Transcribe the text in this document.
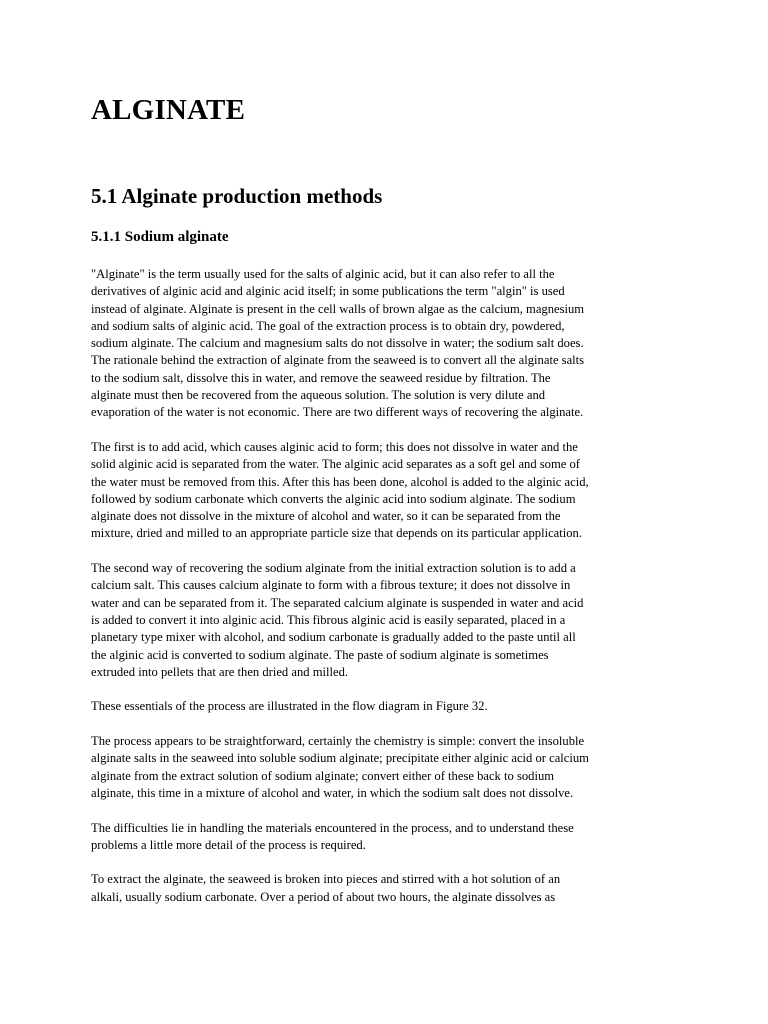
ALGINATE
5.1 Alginate production methods
5.1.1 Sodium alginate

"Alginate" is the term usually used for the salts of alginic acid, but it can also refer to all the
derivatives of alginic acid and alginic acid itself; in some publications the term "algin" is used
instead of alginate. Alginate is present in the cell walls of brown algae as the calcium, magnesium
and sodium salts of alginic acid. The goal of the extraction process is to obtain dry, powdered,
sodium alginate. The calcium and magnesium salts do not dissolve in water; the sodium salt does.
The rationale behind the extraction of alginate from the seaweed is to convert all the alginate salts
to the sodium salt, dissolve this in water, and remove the seaweed residue by filtration. The
alginate must then be recovered from the aqueous solution. The solution is very dilute and
evaporation of the water is not economic. There are two different ways of recovering the alginate.

The first is to add acid, which causes alginic acid to form; this does not dissolve in water and the
solid alginic acid is separated from the water. The alginic acid separates as a soft gel and some of
the water must be removed from this. After this has been done, alcohol is added to the alginic acid,
followed by sodium carbonate which converts the alginic acid into sodium alginate. The sodium
alginate does not dissolve in the mixture of alcohol and water, so it can be separated from the
mixture, dried and milled to an appropriate particle size that depends on its particular application.

The second way of recovering the sodium alginate from the initial extraction solution is to add a
calcium salt. This causes calcium alginate to form with a fibrous texture; it does not dissolve in
water and can be separated from it. The separated calcium alginate is suspended in water and acid
is added to convert it into alginic acid. This fibrous alginic acid is easily separated, placed in a
planetary type mixer with alcohol, and sodium carbonate is gradually added to the paste until all
the alginic acid is converted to sodium alginate. The paste of sodium alginate is sometimes
extruded into pellets that are then dried and milled.

These essentials of the process are illustrated in the flow diagram in Figure 32.

The process appears to be straightforward, certainly the chemistry is simple: convert the insoluble
alginate salts in the seaweed into soluble sodium alginate; precipitate either alginic acid or calcium
alginate from the extract solution of sodium alginate; convert either of these back to sodium
alginate, this time in a mixture of alcohol and water, in which the sodium salt does not dissolve.

The difficulties lie in handling the materials encountered in the process, and to understand these
problems a little more detail of the process is required.

To extract the alginate, the seaweed is broken into pieces and stirred with a hot solution of an
alkali, usually sodium carbonate. Over a period of about two hours, the alginate dissolves as
